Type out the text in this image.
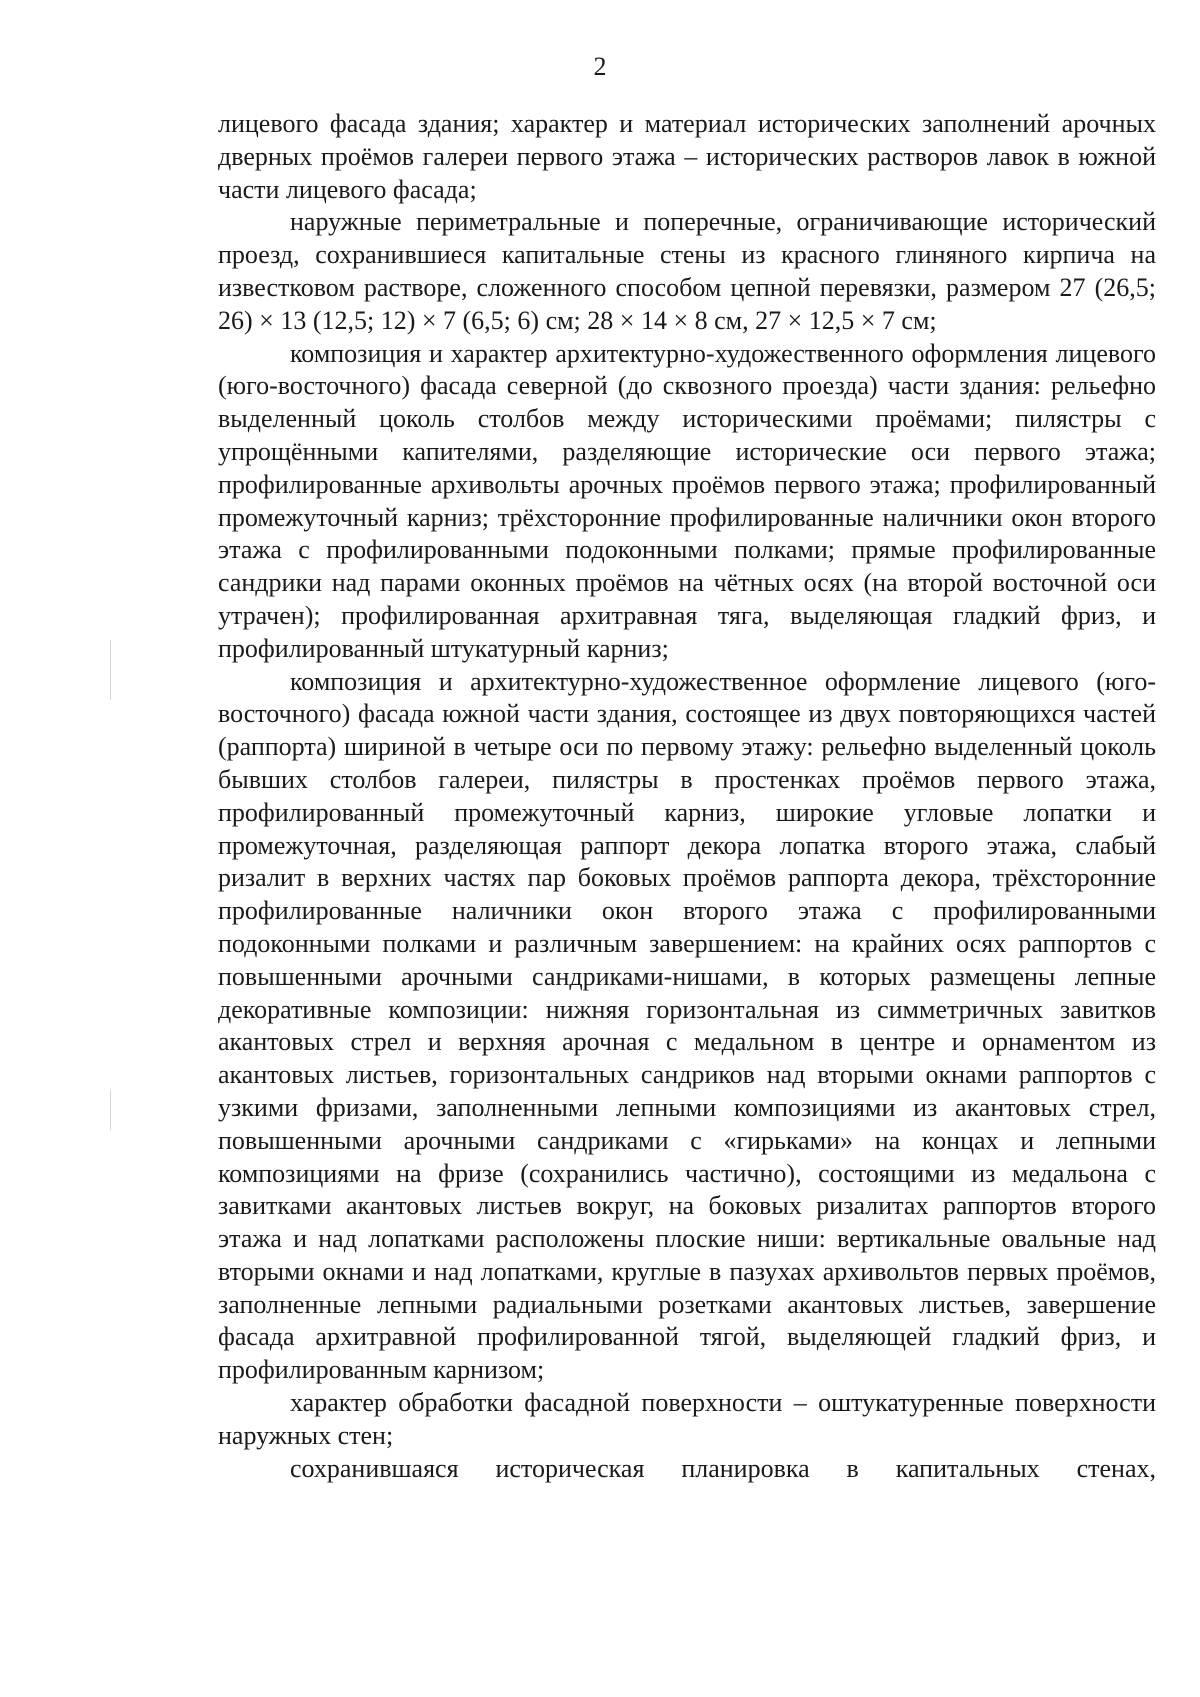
2

лицевого фасада здания; характер и материал исторических заполнений арочных дверных проёмов галереи первого этажа – исторических растворов лавок в южной части лицевого фасада;

наружные периметральные и поперечные, ограничивающие исторический проезд, сохранившиеся капитальные стены из красного глиняного кирпича на известковом растворе, сложенного способом цепной перевязки, размером 27 (26,5; 26) × 13 (12,5; 12) × 7 (6,5; 6) см; 28 × 14 × 8 см, 27 × 12,5 × 7 см;

композиция и характер архитектурно-художественного оформления лицевого (юго-восточного) фасада северной (до сквозного проезда) части здания: рельефно выделенный цоколь столбов между историческими проёмами; пилястры с упрощёнными капителями, разделяющие исторические оси первого этажа; профилированные архивольты арочных проёмов первого этажа; профилированный промежуточный карниз; трёхсторонние профилированные наличники окон второго этажа с профилированными подоконными полками; прямые профилированные сандрики над парами оконных проёмов на чётных осях (на второй восточной оси утрачен); профилированная архитравная тяга, выделяющая гладкий фриз, и профилированный штукатурный карниз;

композиция и архитектурно-художественное оформление лицевого (юго-восточного) фасада южной части здания, состоящее из двух повторяющихся частей (раппорта) шириной в четыре оси по первому этажу: рельефно выделенный цоколь бывших столбов галереи, пилястры в простенках проёмов первого этажа, профилированный промежуточный карниз, широкие угловые лопатки и промежуточная, разделяющая раппорт декора лопатка второго этажа, слабый ризалит в верхних частях пар боковых проёмов раппорта декора, трёхсторонние профилированные наличники окон второго этажа с профилированными подоконными полками и различным завершением: на крайних осях раппортов с повышенными арочными сандриками-нишами, в которых размещены лепные декоративные композиции: нижняя горизонтальная из симметричных завитков акантовых стрел и верхняя арочная с медальном в центре и орнаментом из акантовых листьев, горизонтальных сандриков над вторыми окнами раппортов с узкими фризами, заполненными лепными композициями из акантовых стрел, повышенными арочными сандриками с «гирьками» на концах и лепными композициями на фризе (сохранились частично), состоящими из медальона с завитками акантовых листьев вокруг, на боковых ризалитах раппортов второго этажа и над лопатками расположены плоские ниши: вертикальные овальные над вторыми окнами и над лопатками, круглые в пазухах архивольтов первых проёмов, заполненные лепными радиальными розетками акантовых листьев, завершение фасада архитравной профилированной тягой, выделяющей гладкий фриз, и профилированным карнизом;

характер обработки фасадной поверхности – оштукатуренные поверхности наружных стен;

сохранившаяся историческая планировка в капитальных стенах,
